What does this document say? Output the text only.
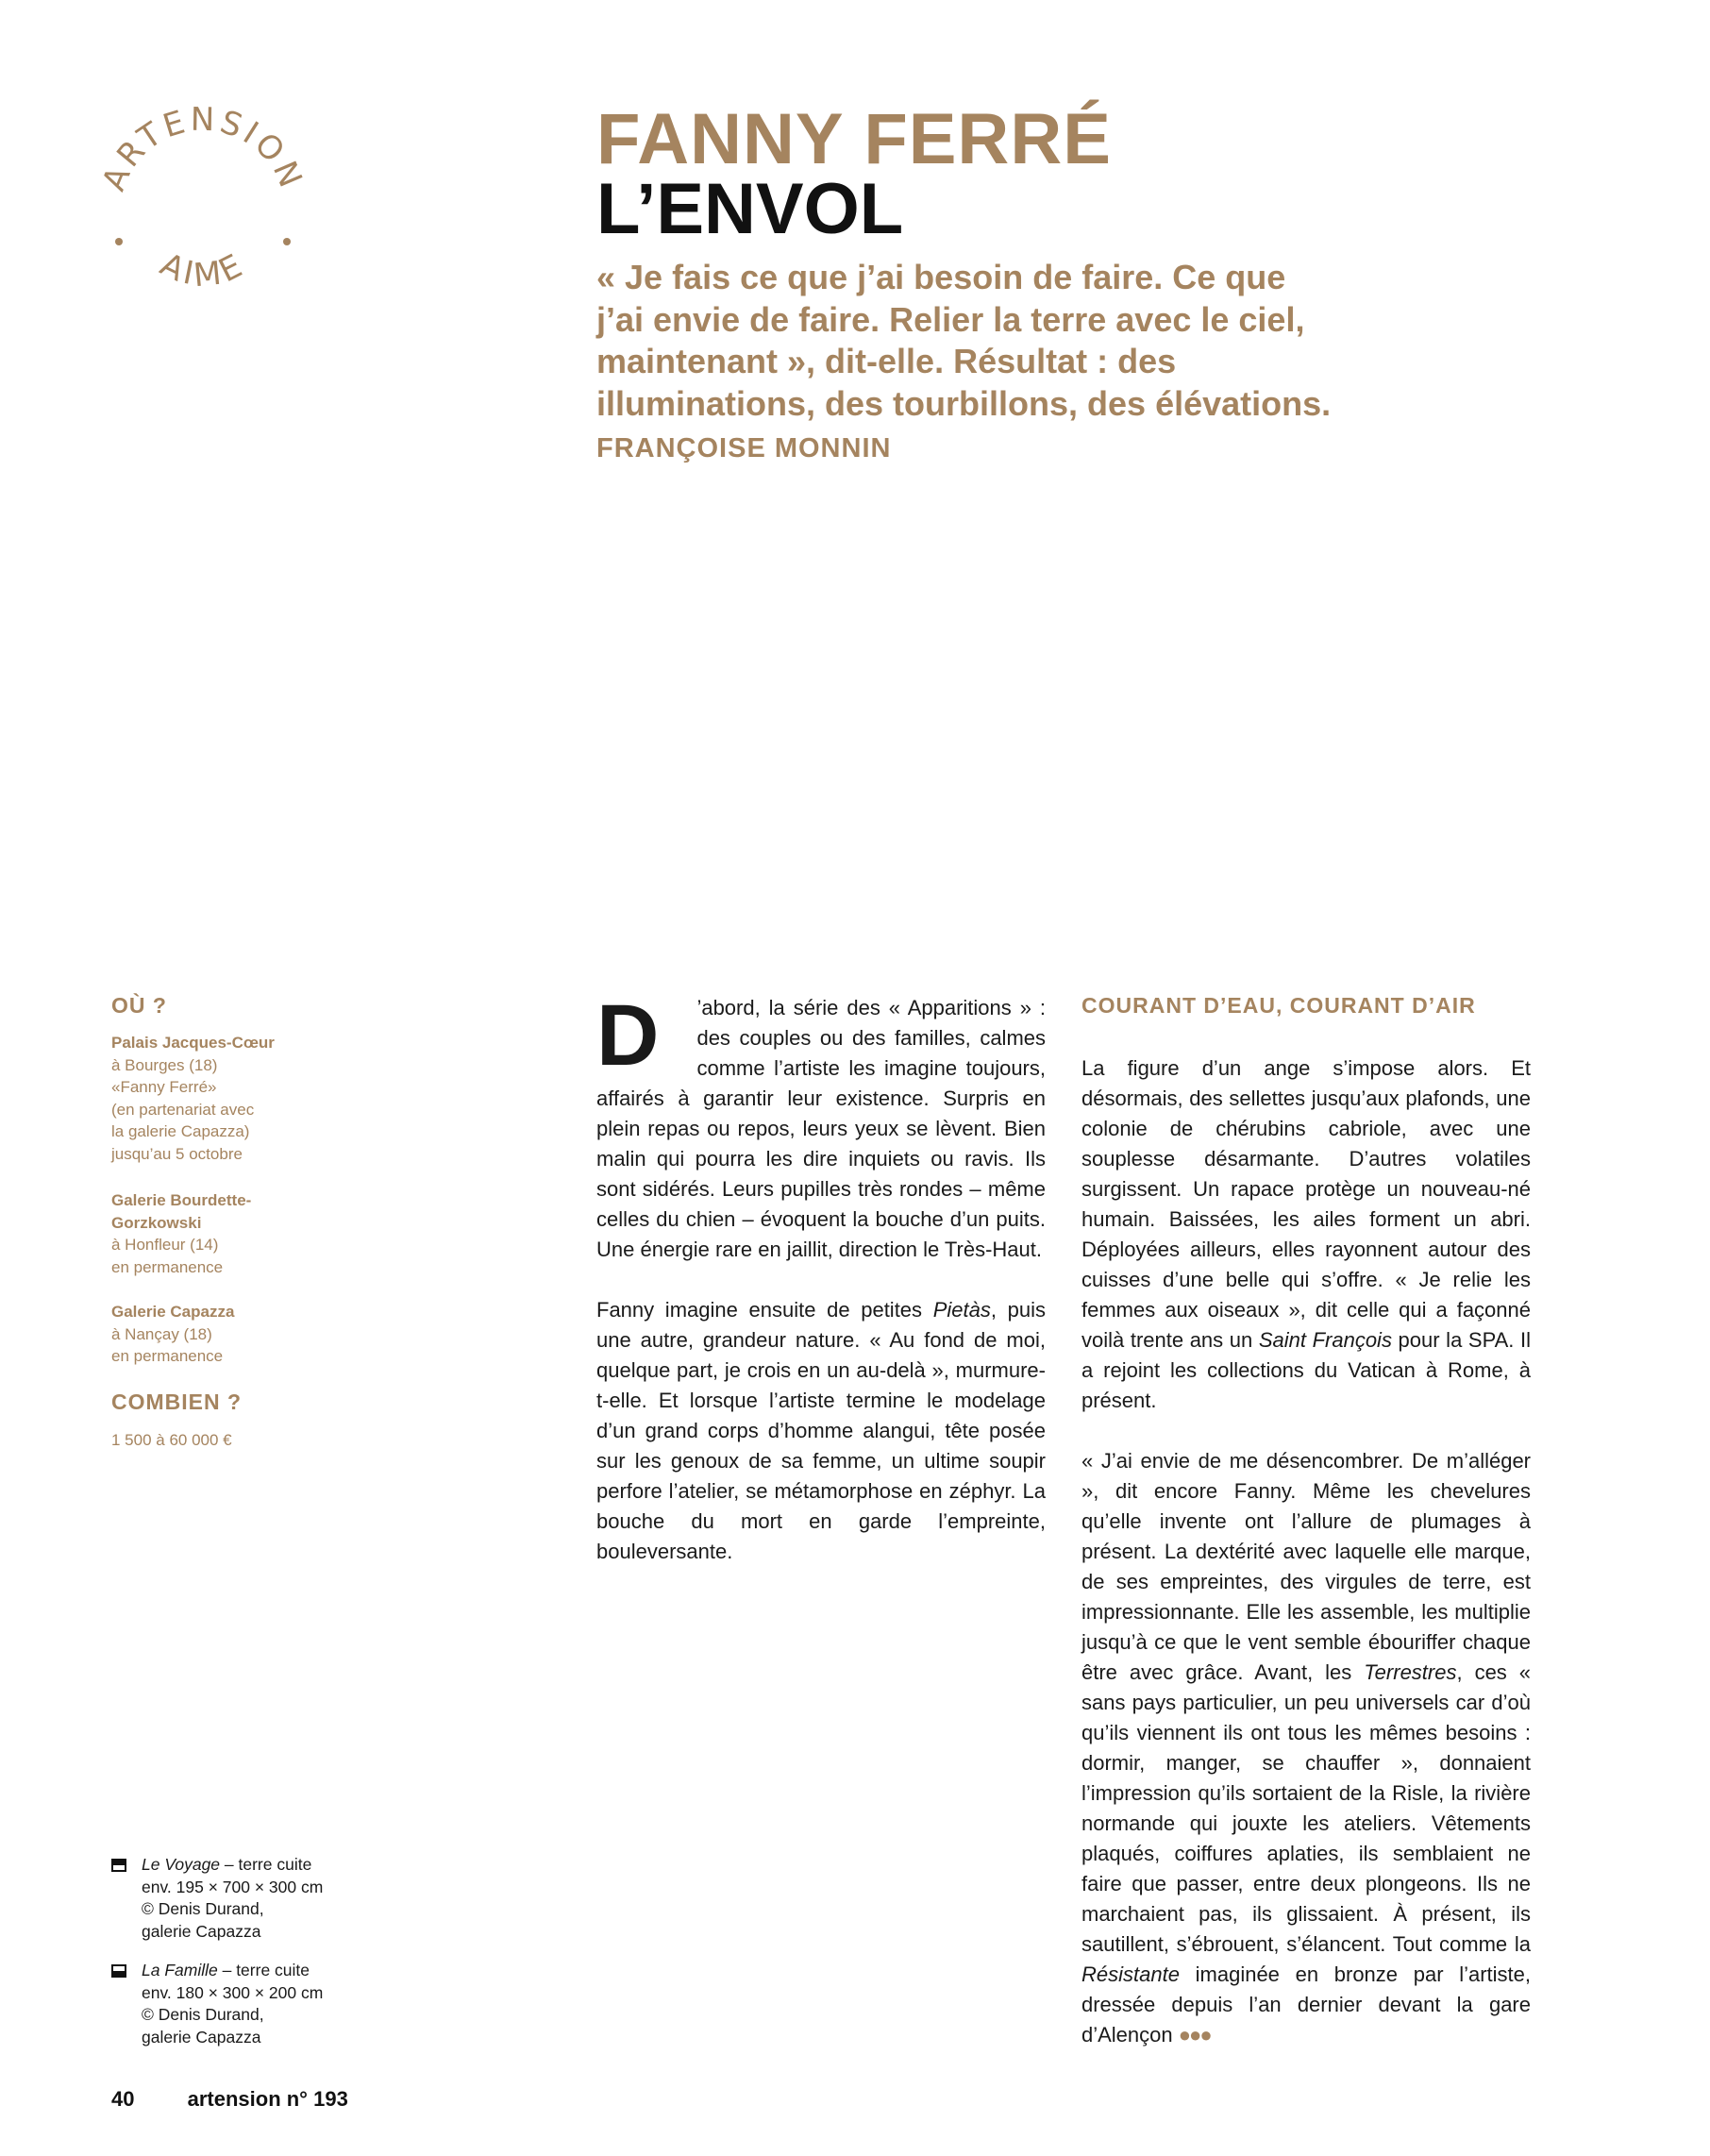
ARTENSION
AIME
FANNY FERRÉ
L’ENVOL

« Je fais ce que j’ai besoin de faire. Ce que j’ai envie de faire. Relier la terre avec le ciel, maintenant », dit-elle. Résultat : des illuminations, des tourbillons, des élévations. FRANÇOISE MONNIN

OÙ ?
Palais Jacques-Cœur
à Bourges (18)
«Fanny Ferré»
(en partenariat avec
la galerie Capazza)
jusqu’au 5 octobre
Galerie Bourdette-Gorzkowski
à Honfleur (14)
en permanence
Galerie Capazza
à Nançay (18)
en permanence
COMBIEN ?
1 500 à 60 000 €
Le Voyage – terre cuite
env. 195 × 700 × 300 cm
© Denis Durand,
galerie Capazza
La Famille – terre cuite
env. 180 × 300 × 200 cm
© Denis Durand,
galerie Capazza
40	artension n° 193

D ’abord, la série des « Apparitions » : des couples ou des familles, calmes comme l’artiste les imagine toujours, affairés à garantir leur existence. Surpris en plein repas ou repos, leurs yeux se lèvent. Bien malin qui pourra les dire inquiets ou ravis. Ils sont sidérés. Leurs pupilles très rondes – même celles du chien – évoquent la bouche d’un puits. Une énergie rare en jaillit, direction le Très-Haut.

Fanny imagine ensuite de petites Pietàs, puis une autre, grandeur nature. « Au fond de moi, quelque part, je crois en un au-delà », murmure-t-elle. Et lorsque l’artiste termine le modelage d’un grand corps d’homme alangui, tête posée sur les genoux de sa femme, un ultime soupir perfore l’atelier, se métamorphose en zéphyr. La bouche du mort en garde l’empreinte, bouleversante.

COURANT D’EAU, COURANT D’AIR

La figure d’un ange s’impose alors. Et désormais, des sellettes jusqu’aux plafonds, une colonie de chérubins cabriole, avec une souplesse désarmante. D’autres volatiles surgissent. Un rapace protège un nouveau-né humain. Baissées, les ailes forment un abri. Déployées ailleurs, elles rayonnent autour des cuisses d’une belle qui s’offre. « Je relie les femmes aux oiseaux », dit celle qui a façonné voilà trente ans un Saint François pour la SPA. Il a rejoint les collections du Vatican à Rome, à présent.

« J’ai envie de me désencombrer. De m’alléger », dit encore Fanny. Même les chevelures qu’elle invente ont l’allure de plumages à présent. La dextérité avec laquelle elle marque, de ses empreintes, des virgules de terre, est impressionnante. Elle les assemble, les multiplie jusqu’à ce que le vent semble ébouriffer chaque être avec grâce. Avant, les Terrestres, ces « sans pays particulier, un peu universels car d’où qu’ils viennent ils ont tous les mêmes besoins : dormir, manger, se chauffer », donnaient l’impression qu’ils sortaient de la Risle, la rivière normande qui jouxte les ateliers. Vêtements plaqués, coiffures aplaties, ils semblaient ne faire que passer, entre deux plongeons. Ils ne marchaient pas, ils glissaient. À présent, ils sautillent, s’ébrouent, s’élancent. Tout comme la Résistante imaginée en bronze par l’artiste, dressée depuis l’an dernier devant la gare d’Alençon ●●●
